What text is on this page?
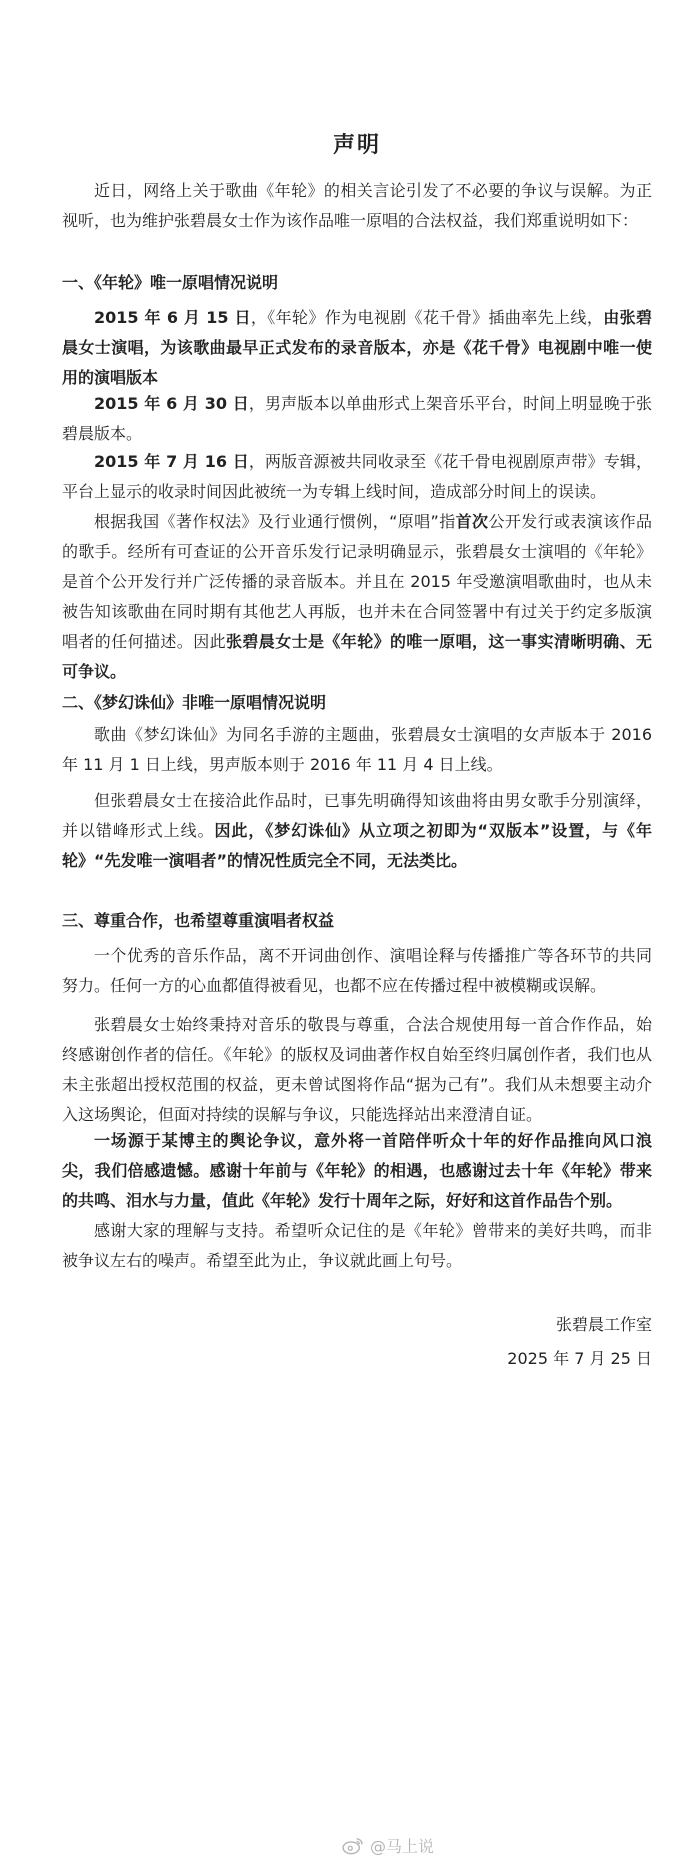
声明
近日，网络上关于歌曲《年轮》的相关言论引发了不必要的争议与误解。为正视听，也为维护张碧晨女士作为该作品唯一原唱的合法权益，我们郑重说明如下：
一、《年轮》唯一原唱情况说明
2015 年 6 月 15 日，《年轮》作为电视剧《花千骨》插曲率先上线，由张碧晨女士演唱，为该歌曲最早正式发布的录音版本，亦是《花千骨》电视剧中唯一使用的演唱版本
2015 年 6 月 30 日，男声版本以单曲形式上架音乐平台，时间上明显晚于张碧晨版本。
2015 年 7 月 16 日，两版音源被共同收录至《花千骨电视剧原声带》专辑，平台上显示的收录时间因此被统一为专辑上线时间，造成部分时间上的误读。
根据我国《著作权法》及行业通行惯例，“原唱”指首次公开发行或表演该作品的歌手。经所有可查证的公开音乐发行记录明确显示，张碧晨女士演唱的《年轮》是首个公开发行并广泛传播的录音版本。并且在 2015 年受邀演唱歌曲时，也从未被告知该歌曲在同时期有其他艺人再版，也并未在合同签署中有过关于约定多版演唱者的任何描述。因此张碧晨女士是《年轮》的唯一原唱，这一事实清晰明确、无可争议。
二、《梦幻诛仙》非唯一原唱情况说明
歌曲《梦幻诛仙》为同名手游的主题曲，张碧晨女士演唱的女声版本于 2016 年 11 月 1 日上线，男声版本则于 2016 年 11 月 4 日上线。
但张碧晨女士在接洽此作品时，已事先明确得知该曲将由男女歌手分别演绎，并以错峰形式上线。因此，《梦幻诛仙》从立项之初即为“双版本”设置，与《年轮》“先发唯一演唱者”的情况性质完全不同，无法类比。
三、尊重合作，也希望尊重演唱者权益
一个优秀的音乐作品，离不开词曲创作、演唱诠释与传播推广等各环节的共同努力。任何一方的心血都值得被看见，也都不应在传播过程中被模糊或误解。
张碧晨女士始终秉持对音乐的敬畏与尊重，合法合规使用每一首合作作品，始终感谢创作者的信任。《年轮》的版权及词曲著作权自始至终归属创作者，我们也从未主张超出授权范围的权益，更未曾试图将作品“据为己有”。我们从未想要主动介入这场舆论，但面对持续的误解与争议，只能选择站出来澄清自证。
一场源于某博主的舆论争议，意外将一首陪伴听众十年的好作品推向风口浪尖，我们倍感遗憾。感谢十年前与《年轮》的相遇，也感谢过去十年《年轮》带来的共鸣、泪水与力量，值此《年轮》发行十周年之际，好好和这首作品告个别。
感谢大家的理解与支持。希望听众记住的是《年轮》曾带来的美好共鸣，而非被争议左右的噪声。希望至此为止，争议就此画上句号。
张碧晨工作室
2025 年 7 月 25 日
@马上说
